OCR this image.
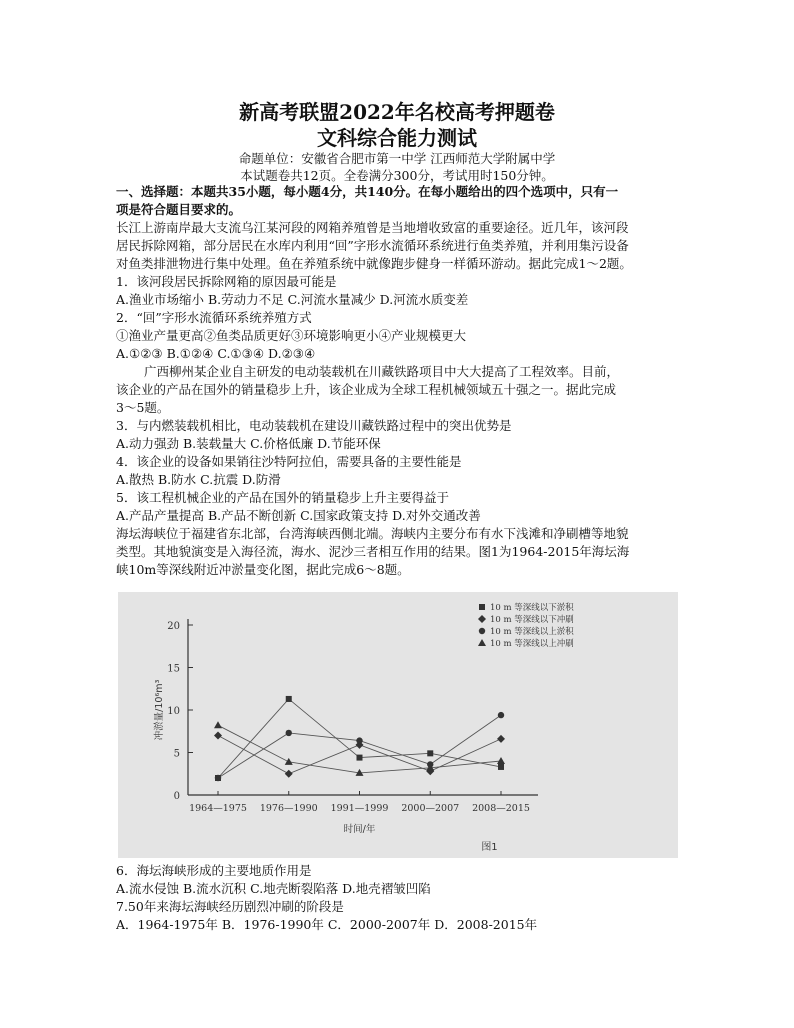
新高考联盟2022年名校高考押题卷
文科综合能力测试
命题单位：安徽省合肥市第一中学 江西师范大学附属中学
本试题卷共12页。全卷满分300分，考试用时150分钟。
一、选择题：本题共35小题，每小题4分，共140分。在每小题给出的四个选项中，只有一
项是符合题目要求的。
长江上游南岸最大支流乌江某河段的网箱养殖曾是当地增收致富的重要途径。近几年，该河段
居民拆除网箱，部分居民在水库内利用“回”字形水流循环系统进行鱼类养殖，并利用集污设备
对鱼类排泄物进行集中处理。鱼在养殖系统中就像跑步健身一样循环游动。据此完成1～2题。
1．该河段居民拆除网箱的原因最可能是
A.渔业市场缩小 B.劳动力不足 C.河流水量减少 D.河流水质变差
2．“回”字形水流循环系统养殖方式
①渔业产量更高②鱼类品质更好③环境影响更小④产业规模更大
A.①②③ B.①②④ C.①③④ D.②③④
广西柳州某企业自主研发的电动装载机在川藏铁路项目中大大提高了工程效率。目前，
该企业的产品在国外的销量稳步上升，该企业成为全球工程机械领域五十强之一。据此完成
3～5题。
3．与内燃装载机相比，电动装载机在建设川藏铁路过程中的突出优势是
A.动力强劲 B.装载量大 C.价格低廉 D.节能环保
4．该企业的设备如果销往沙特阿拉伯，需要具备的主要性能是
A.散热 B.防水 C.抗震 D.防滑
5．该工程机械企业的产品在国外的销量稳步上升主要得益于
A.产品产量提高 B.产品不断创新 C.国家政策支持 D.对外交通改善
海坛海峡位于福建省东北部，台湾海峡西侧北端。海峡内主要分布有水下浅滩和净刷槽等地貌
类型。其地貌演变是入海径流，海水、泥沙三者相互作用的结果。图1为1964-2015年海坛海
峡10m等深线附近冲淤量变化图，据此完成6～8题。
0
5
10
15
20
冲淤量/10⁶m³
1964—1975 1976—1990 1991—1999 2000—2007 2008—2015
时间/年
图1
10 m 等深线以下淤积
10 m 等深线以下冲刷
10 m 等深线以上淤积
10 m 等深线以上冲刷
6．海坛海峡形成的主要地质作用是
A.流水侵蚀 B.流水沉积 C.地壳断裂陷落 D.地壳褶皱凹陷
7.50年来海坛海峡经历剧烈冲刷的阶段是
A．1964-1975年 B．1976-1990年 C．2000-2007年 D．2008-2015年
